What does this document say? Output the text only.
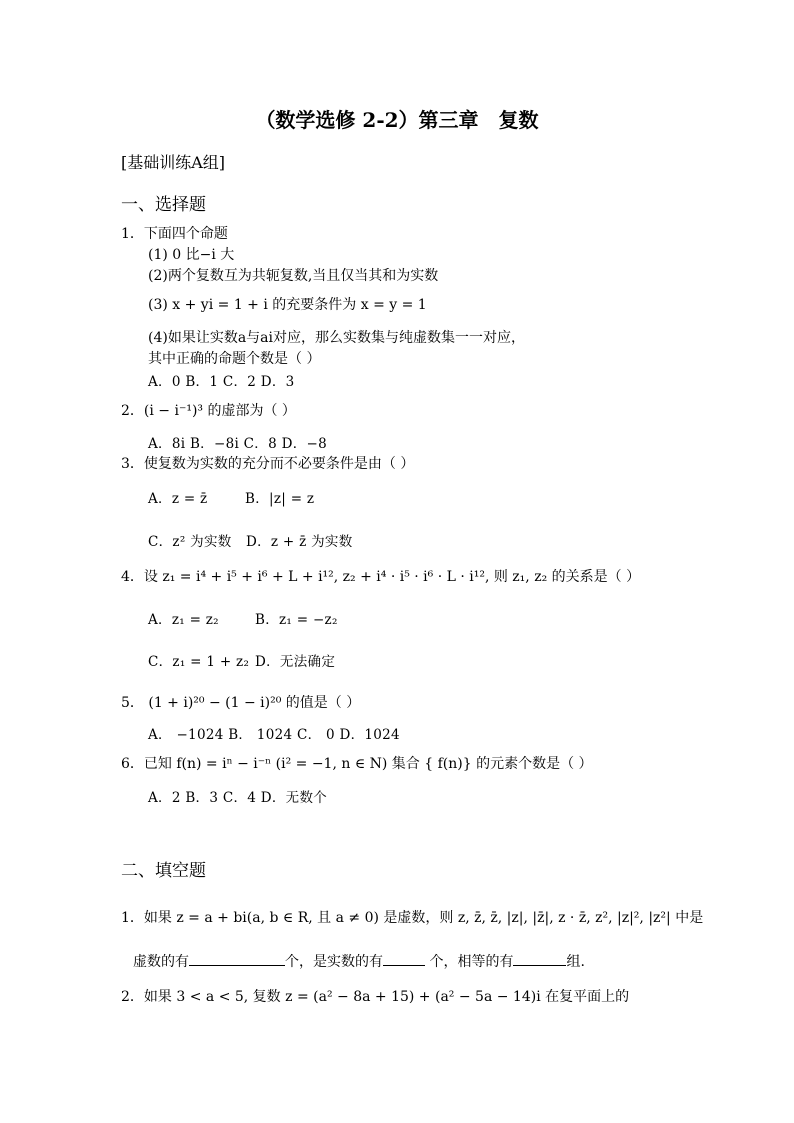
（数学选修 2-2）第三章　复数
[基础训练A组]
一、选择题
1．下面四个命题
(1) 0 比−i 大
(2)两个复数互为共轭复数,当且仅当其和为实数
(3) x + yi = 1 + i 的充要条件为 x = y = 1
(4)如果让实数a与ai对应，那么实数集与纯虚数集一一对应，
其中正确的命题个数是（ ）
A．0 B．1 C．2 D．3
2．(i − i⁻¹)³ 的虚部为（ ）
A．8i B．−8i C．8 D．−8
3．使复数为实数的充分而不必要条件是由（ ）
A．z = z̄	B．|z| = z
C．z² 为实数 D．z + z̄ 为实数
4．设 z₁ = i⁴ + i⁵ + i⁶ + L + i¹², z₂ + i⁴ · i⁵ · i⁶ · L · i¹², 则 z₁, z₂ 的关系是（ ）
A．z₁ = z₂	B．z₁ = −z₂
C．z₁ = 1 + z₂ D．无法确定
5． (1 + i)²⁰ − (1 − i)²⁰ 的值是（ ）
A． −1024 B． 1024 C． 0 D．1024
6．已知 f(n) = iⁿ − i⁻ⁿ (i² = −1, n ∈ N) 集合 { f(n)} 的元素个数是（ ）
A．2 B．3 C．4 D．无数个
二、填空题
1．如果 z = a + bi(a, b ∈ R, 且 a ≠ 0) 是虚数，则 z, z̄, z̄, |z|, |z̄|, z · z̄, z², |z|², |z²| 中是
虚数的有	个，是实数的有	个，相等的有	组.
2．如果 3 < a < 5, 复数 z = (a² − 8a + 15) + (a² − 5a − 14)i 在复平面上的
